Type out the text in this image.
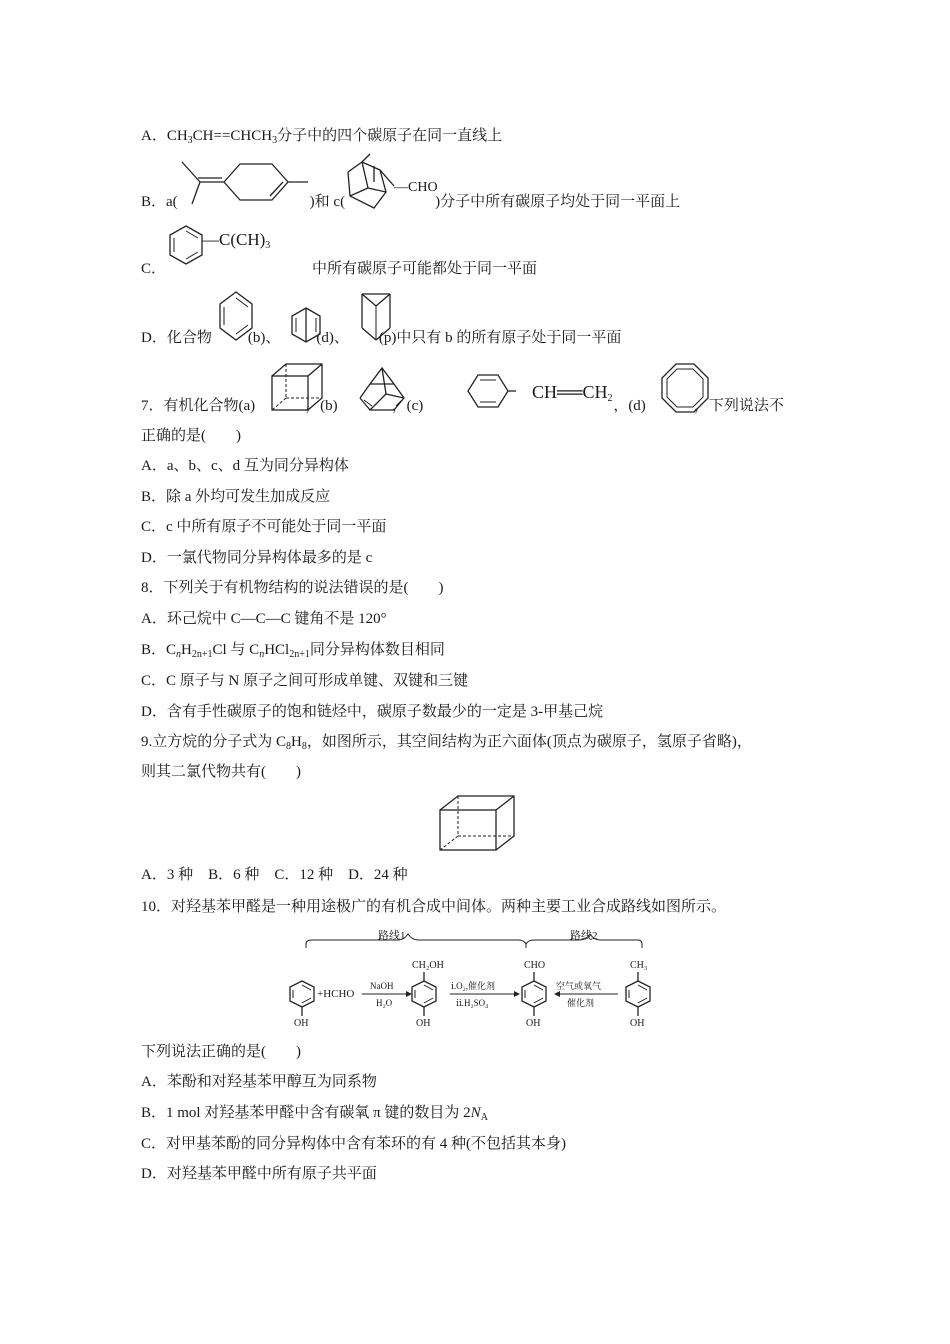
A．$CH_3CH==CHCH_3$分子中的四个碳原子在同一直线上
B．a(	)和 c(	)分子中所有碳原子均处于同一平面上
—CHO
$—C(CH)_3$
C．	中所有碳原子可能都处于同一平面
D．化合物 (b)、 (d)、 (p)中只有 b 的所有原子处于同一平面
7．有机化合物(a)	，(b)	，(c)	，(d)	，下列说法不
$CH══CH_2$
正确的是(　　)
A．a、b、c、d 互为同分异构体
B．除 a 外均可发生加成反应
C．c 中所有原子不可能处于同一平面
D．一氯代物同分异构体最多的是 c
8．下列关于有机物结构的说法错误的是(　　)
A．环己烷中 C—C—C 键角不是 120°
B．$C_nH_{2n+1}Cl$ 与 $C_nHCl_{2n+1}$同分异构体数目相同
C．C 原子与 N 原子之间可形成单键、双键和三键
D．含有手性碳原子的饱和链烃中，碳原子数最少的一定是 3-甲基己烷
9.立方烷的分子式为 $C_8H_8$，如图所示，其空间结构为正六面体(顶点为碳原子，氢原子省略)，
则其二氯代物共有(　　)
A．3 种　B．6 种　C．12 种　D．24 种
10．对羟基苯甲醛是一种用途极广的有机合成中间体。两种主要工业合成路线如图所示。
路线1	路线2
+HCHO
NaOH
H₂O
CH₂OH
ⅰ.O₂,催化剂
ⅱ.H₂SO₄
CHO
空气或氧气
催化剂
CH₃
OH	OH	OH	OH
下列说法正确的是(　　)
A．苯酚和对羟基苯甲醇互为同系物
B．1 mol 对羟基苯甲醛中含有碳氧 π 键的数目为 $2N_A$
C．对甲基苯酚的同分异构体中含有苯环的有 4 种(不包括其本身)
D．对羟基苯甲醛中所有原子共平面
